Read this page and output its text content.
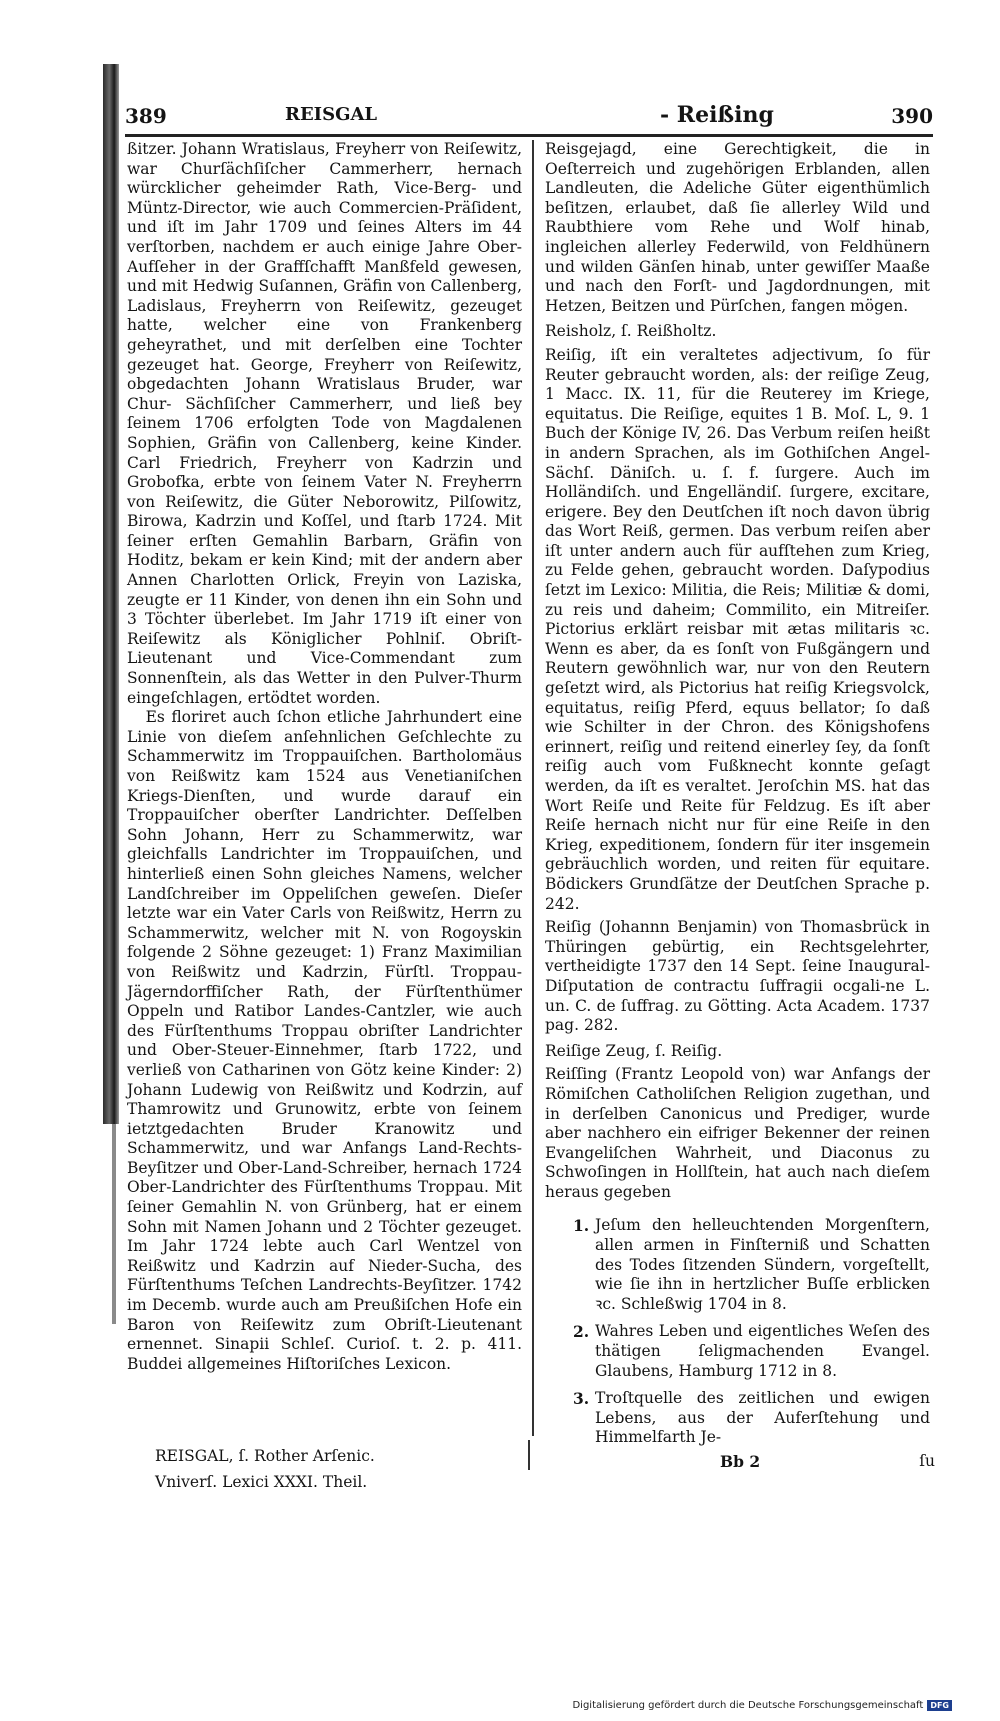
389	REISGAL	- Reißing	390

ßitzer. Johann Wratislaus, Freyherr von Reiſewitz, war Churſächſiſcher Cammerherr, hernach würcklicher geheimder Rath, Vice-Berg- und Müntz-Director, wie auch Commercien-Präſident, und iſt im Jahr 1709 und ſeines Alters im 44 verſtorben, nachdem er auch einige Jahre Ober-Aufſeher in der Graffſchafft Manßfeld gewesen, und mit Hedwig Suſannen, Gräfin von Callenberg, Ladislaus, Freyherrn von Reiſewitz, gezeuget hatte, welcher eine von Frankenberg geheyrathet, und mit derſelben eine Tochter gezeuget hat. George, Freyherr von Reiſewitz, obgedachten Johann Wratislaus Bruder, war Chur- Sächſiſcher Cammerherr, und ließ bey ſeinem 1706 erfolgten Tode von Magdalenen Sophien, Gräfin von Callenberg, keine Kinder. Carl Friedrich, Freyherr von Kadrzin und Grobofka, erbte von ſeinem Vater N. Freyherrn von Reiſewitz, die Güter Neborowitz, Pilſowitz, Birowa, Kadrzin und Koſſel, und ſtarb 1724. Mit ſeiner erſten Gemahlin Barbarn, Gräfin von Hoditz, bekam er kein Kind; mit der andern aber Annen Charlotten Orlick, Freyin von Laziska, zeugte er 11 Kinder, von denen ihn ein Sohn und 3 Töchter überlebet. Im Jahr 1719 iſt einer von Reiſewitz als Königlicher Pohlniſ. Obriſt-Lieutenant und Vice-Commendant zum Sonnenſtein, als das Wetter in den Pulver-Thurm eingeſchlagen, ertödtet worden.

Es floriret auch ſchon etliche Jahrhundert eine Linie von dieſem anſehnlichen Geſchlechte zu Schammerwitz im Troppauiſchen. Bartholomäus von Reißwitz kam 1524 aus Venetianiſchen Kriegs-Dienſten, und wurde darauf ein Troppauiſcher oberſter Landrichter. Deſſelben Sohn Johann, Herr zu Schammerwitz, war gleichfalls Landrichter im Troppauiſchen, und hinterließ einen Sohn gleiches Namens, welcher Landſchreiber im Oppeliſchen geweſen. Dieſer letzte war ein Vater Carls von Reißwitz, Herrn zu Schammerwitz, welcher mit N. von Rogoyskin folgende 2 Söhne gezeuget: 1) Franz Maximilian von Reißwitz und Kadrzin, Fürſtl. Troppau-Jägerndorffiſcher Rath, der Fürſtenthümer Oppeln und Ratibor Landes-Cantzler, wie auch des Fürſtenthums Troppau obriſter Landrichter und Ober-Steuer-Einnehmer, ſtarb 1722, und verließ von Catharinen von Götz keine Kinder: 2) Johann Ludewig von Reißwitz und Kodrzin, auf Thamrowitz und Grunowitz, erbte von ſeinem ietztgedachten Bruder Kranowitz und Schammerwitz, und war Anfangs Land-Rechts-Beyſitzer und Ober-Land-Schreiber, hernach 1724 Ober-Landrichter des Fürſtenthums Troppau. Mit ſeiner Gemahlin N. von Grünberg, hat er einem Sohn mit Namen Johann und 2 Töchter gezeuget. Im Jahr 1724 lebte auch Carl Wentzel von Reißwitz und Kadrzin auf Nieder-Sucha, des Fürſtenthums Teſchen Landrechts-Beyſitzer. 1742 im Decemb. wurde auch am Preußiſchen Hofe ein Baron von Reiſewitz zum Obriſt-Lieutenant ernennet. Sinapii Schleſ. Curioſ. t. 2. p. 411. Buddei allgemeines Hiſtoriſches Lexicon.

REISGAL, ſ. Rother Arſenic.
Vniverſ. Lexici XXXI. Theil.

Reisgejagd, eine Gerechtigkeit, die in Oeſterreich und zugehörigen Erblanden, allen Landleuten, die Adeliche Güter eigenthümlich beſitzen, erlaubet, daß ſie allerley Wild und Raubthiere vom Rehe und Wolf hinab, ingleichen allerley Federwild, von Feldhünern und wilden Gänſen hinab, unter gewiſſer Maaße und nach den Forſt- und Jagdordnungen, mit Hetzen, Beitzen und Pürſchen, fangen mögen.

Reisholz, ſ. Reißholtz.

Reiſig, iſt ein veraltetes adjectivum, ſo für Reuter gebraucht worden, als: der reiſige Zeug, 1 Macc. IX. 11, für die Reuterey im Kriege, equitatus. Die Reiſige, equites 1 B. Moſ. L, 9. 1 Buch der Könige IV, 26. Das Verbum reiſen heißt in andern Sprachen, als im Gothiſchen Angel-Sächſ. Däniſch. u. ſ. f. ſurgere. Auch im Holländiſch. und Engelländiſ. ſurgere, excitare, erigere. Bey den Deutſchen iſt noch davon übrig das Wort Reiß, germen. Das verbum reiſen aber iſt unter andern auch für aufſtehen zum Krieg, zu Felde gehen, gebraucht worden. Daſypodius ſetzt im Lexico: Militia, die Reis; Militiæ & domi, zu reis und daheim; Commilito, ein Mitreiſer. Pictorius erklärt reisbar mit ætas militaris ꝛc. Wenn es aber, da es ſonſt von Fußgängern und Reutern gewöhnlich war, nur von den Reutern geſetzt wird, als Pictorius hat reiſig Kriegsvolck, equitatus, reiſig Pferd, equus bellator; ſo daß wie Schilter in der Chron. des Königshofens erinnert, reiſig und reitend einerley ſey, da ſonſt reiſig auch vom Fußknecht konnte geſagt werden, da iſt es veraltet. Jeroſchin MS. hat das Wort Reiſe und Reite für Feldzug. Es iſt aber Reiſe hernach nicht nur für eine Reiſe in den Krieg, expeditionem, ſondern für iter insgemein gebräuchlich worden, und reiten für equitare. Bödickers Grundſätze der Deutſchen Sprache p. 242.

Reiſig (Johannn Benjamin) von Thomasbrück in Thüringen gebürtig, ein Rechtsgelehrter, vertheidigte 1737 den 14 Sept. ſeine Inaugural-Diſputation de contractu ſuffragii ocgali-ne L. un. C. de ſuffrag. zu Götting. Acta Academ. 1737 pag. 282.

Reiſige Zeug, ſ. Reiſig.

Reiſſing (Frantz Leopold von) war Anfangs der Römiſchen Catholiſchen Religion zugethan, und in derſelben Canonicus und Prediger, wurde aber nachhero ein eifriger Bekenner der reinen Evangeliſchen Wahrheit, und Diaconus zu Schwoſingen in Hollſtein, hat auch nach dieſem heraus gegeben

1. Jeſum den helleuchtenden Morgenſtern, allen armen in Finſterniß und Schatten des Todes ſitzenden Sündern, vorgeſtellt, wie ſie ihn in hertzlicher Buſſe erblicken ꝛc. Schleßwig 1704 in 8.
2. Wahres Leben und eigentliches Weſen des thätigen ſeligmachenden Evangel. Glaubens, Hamburg 1712 in 8.
3. Troſtquelle des zeitlichen und ewigen Lebens, aus der Auferſtehung und Himmelfarth Je-
Bb 2	ſu
Digitalisierung gefördert durch die Deutsche Forschungsgemeinschaft DFG
